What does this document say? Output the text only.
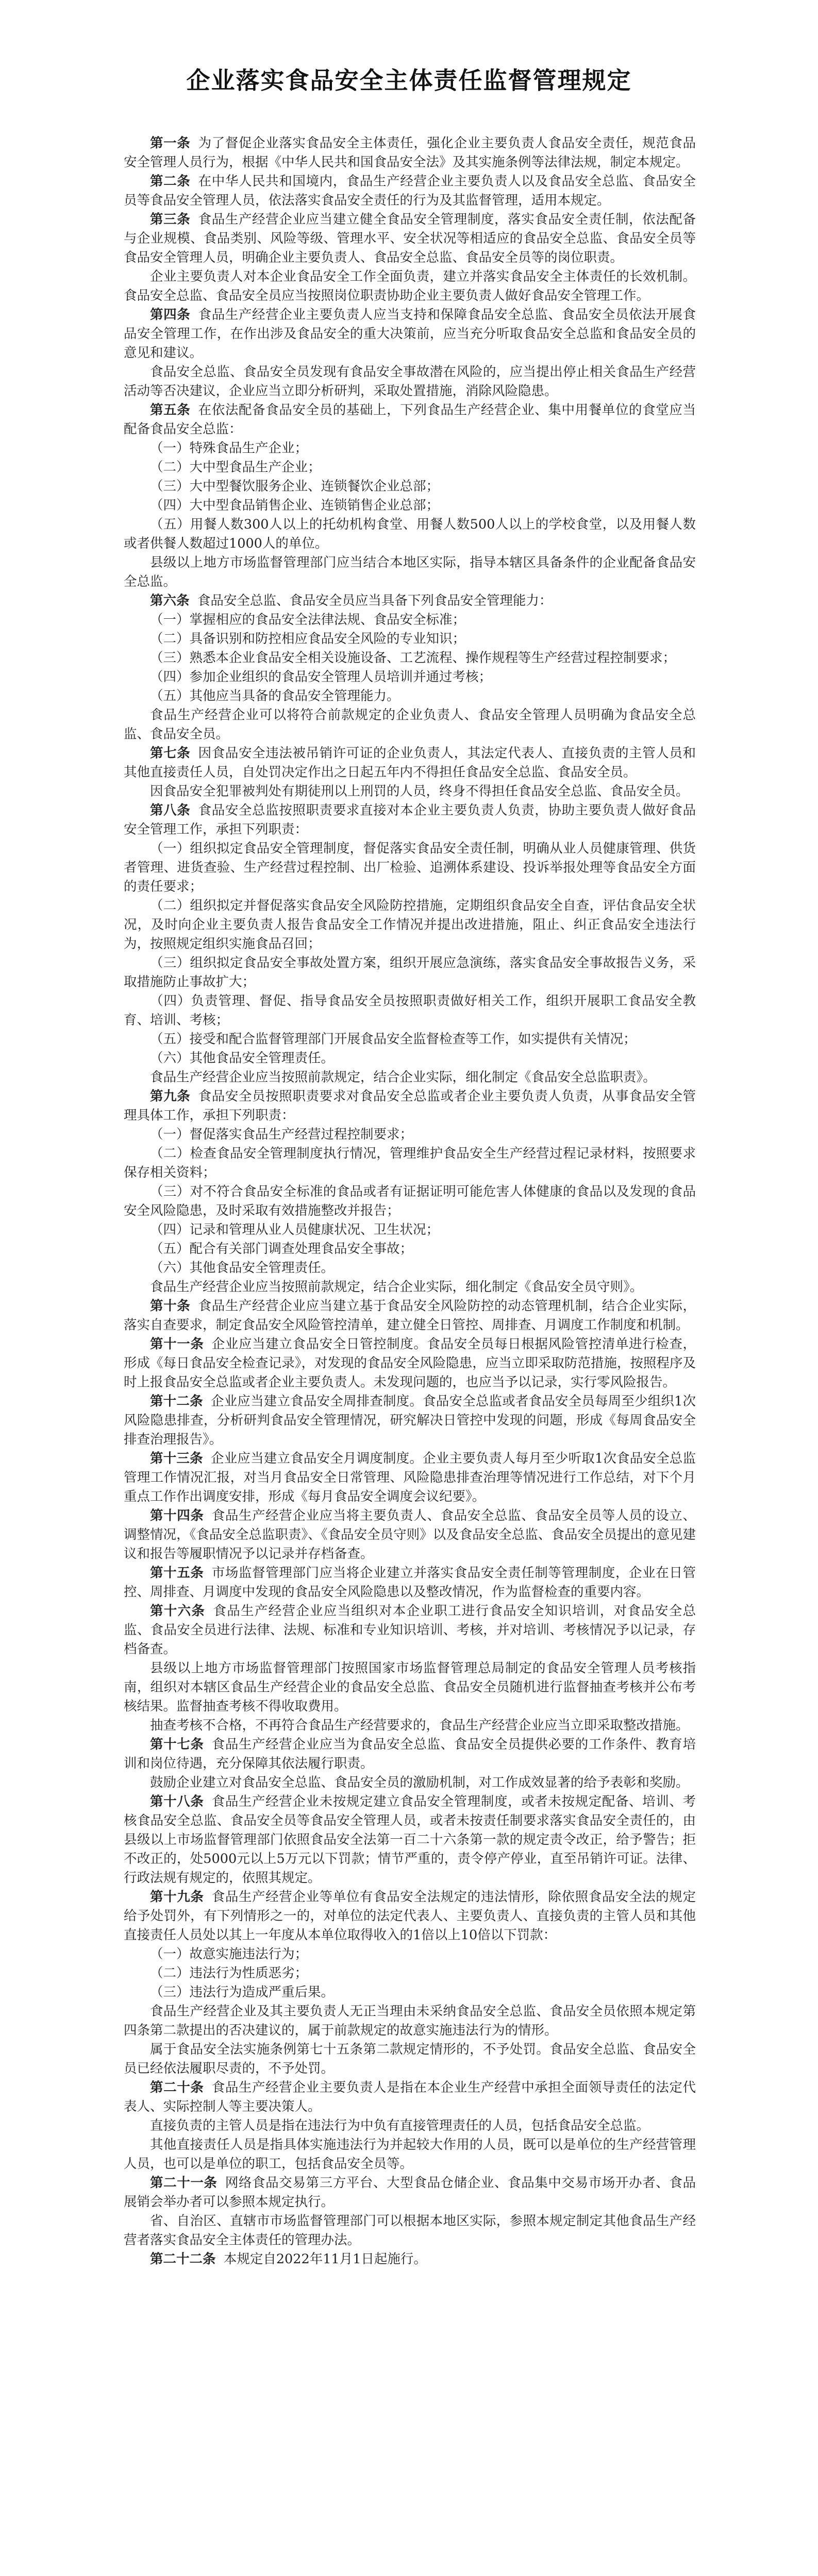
企业落实食品安全主体责任监督管理规定

第一条 为了督促企业落实食品安全主体责任，强化企业主要负责人食品安全责任，规范食品安全管理人员行为，根据《中华人民共和国食品安全法》及其实施条例等法律法规，制定本规定。

第二条 在中华人民共和国境内，食品生产经营企业主要负责人以及食品安全总监、食品安全员等食品安全管理人员，依法落实食品安全责任的行为及其监督管理，适用本规定。

第三条 食品生产经营企业应当建立健全食品安全管理制度，落实食品安全责任制，依法配备与企业规模、食品类别、风险等级、管理水平、安全状况等相适应的食品安全总监、食品安全员等食品安全管理人员，明确企业主要负责人、食品安全总监、食品安全员等的岗位职责。

企业主要负责人对本企业食品安全工作全面负责，建立并落实食品安全主体责任的长效机制。食品安全总监、食品安全员应当按照岗位职责协助企业主要负责人做好食品安全管理工作。

第四条 食品生产经营企业主要负责人应当支持和保障食品安全总监、食品安全员依法开展食品安全管理工作，在作出涉及食品安全的重大决策前，应当充分听取食品安全总监和食品安全员的意见和建议。

食品安全总监、食品安全员发现有食品安全事故潜在风险的，应当提出停止相关食品生产经营活动等否决建议，企业应当立即分析研判，采取处置措施，消除风险隐患。

第五条 在依法配备食品安全员的基础上，下列食品生产经营企业、集中用餐单位的食堂应当配备食品安全总监：

（一）特殊食品生产企业；

（二）大中型食品生产企业；

（三）大中型餐饮服务企业、连锁餐饮企业总部；

（四）大中型食品销售企业、连锁销售企业总部；

（五）用餐人数300人以上的托幼机构食堂、用餐人数500人以上的学校食堂，以及用餐人数或者供餐人数超过1000人的单位。

县级以上地方市场监督管理部门应当结合本地区实际，指导本辖区具备条件的企业配备食品安全总监。

第六条 食品安全总监、食品安全员应当具备下列食品安全管理能力：

（一）掌握相应的食品安全法律法规、食品安全标准；

（二）具备识别和防控相应食品安全风险的专业知识；

（三）熟悉本企业食品安全相关设施设备、工艺流程、操作规程等生产经营过程控制要求；

（四）参加企业组织的食品安全管理人员培训并通过考核；

（五）其他应当具备的食品安全管理能力。

食品生产经营企业可以将符合前款规定的企业负责人、食品安全管理人员明确为食品安全总监、食品安全员。

第七条 因食品安全违法被吊销许可证的企业负责人，其法定代表人、直接负责的主管人员和其他直接责任人员，自处罚决定作出之日起五年内不得担任食品安全总监、食品安全员。

因食品安全犯罪被判处有期徒刑以上刑罚的人员，终身不得担任食品安全总监、食品安全员。

第八条 食品安全总监按照职责要求直接对本企业主要负责人负责，协助主要负责人做好食品安全管理工作，承担下列职责：

（一）组织拟定食品安全管理制度，督促落实食品安全责任制，明确从业人员健康管理、供货者管理、进货查验、生产经营过程控制、出厂检验、追溯体系建设、投诉举报处理等食品安全方面的责任要求；

（二）组织拟定并督促落实食品安全风险防控措施，定期组织食品安全自查，评估食品安全状况，及时向企业主要负责人报告食品安全工作情况并提出改进措施，阻止、纠正食品安全违法行为，按照规定组织实施食品召回；

（三）组织拟定食品安全事故处置方案，组织开展应急演练，落实食品安全事故报告义务，采取措施防止事故扩大；

（四）负责管理、督促、指导食品安全员按照职责做好相关工作，组织开展职工食品安全教育、培训、考核；

（五）接受和配合监督管理部门开展食品安全监督检查等工作，如实提供有关情况；

（六）其他食品安全管理责任。

食品生产经营企业应当按照前款规定，结合企业实际，细化制定《食品安全总监职责》。

第九条 食品安全员按照职责要求对食品安全总监或者企业主要负责人负责，从事食品安全管理具体工作，承担下列职责：

（一）督促落实食品生产经营过程控制要求；

（二）检查食品安全管理制度执行情况，管理维护食品安全生产经营过程记录材料，按照要求保存相关资料；

（三）对不符合食品安全标准的食品或者有证据证明可能危害人体健康的食品以及发现的食品安全风险隐患，及时采取有效措施整改并报告；

（四）记录和管理从业人员健康状况、卫生状况；

（五）配合有关部门调查处理食品安全事故；

（六）其他食品安全管理责任。

食品生产经营企业应当按照前款规定，结合企业实际，细化制定《食品安全员守则》。

第十条 食品生产经营企业应当建立基于食品安全风险防控的动态管理机制，结合企业实际，落实自查要求，制定食品安全风险管控清单，建立健全日管控、周排查、月调度工作制度和机制。

第十一条 企业应当建立食品安全日管控制度。食品安全员每日根据风险管控清单进行检查，形成《每日食品安全检查记录》，对发现的食品安全风险隐患，应当立即采取防范措施，按照程序及时上报食品安全总监或者企业主要负责人。未发现问题的，也应当予以记录，实行零风险报告。

第十二条 企业应当建立食品安全周排查制度。食品安全总监或者食品安全员每周至少组织1次风险隐患排查，分析研判食品安全管理情况，研究解决日管控中发现的问题，形成《每周食品安全排查治理报告》。

第十三条 企业应当建立食品安全月调度制度。企业主要负责人每月至少听取1次食品安全总监管理工作情况汇报，对当月食品安全日常管理、风险隐患排查治理等情况进行工作总结，对下个月重点工作作出调度安排，形成《每月食品安全调度会议纪要》。

第十四条 食品生产经营企业应当将主要负责人、食品安全总监、食品安全员等人员的设立、调整情况，《食品安全总监职责》、《食品安全员守则》以及食品安全总监、食品安全员提出的意见建议和报告等履职情况予以记录并存档备查。

第十五条 市场监督管理部门应当将企业建立并落实食品安全责任制等管理制度，企业在日管控、周排查、月调度中发现的食品安全风险隐患以及整改情况，作为监督检查的重要内容。

第十六条 食品生产经营企业应当组织对本企业职工进行食品安全知识培训，对食品安全总监、食品安全员进行法律、法规、标准和专业知识培训、考核，并对培训、考核情况予以记录，存档备查。

县级以上地方市场监督管理部门按照国家市场监督管理总局制定的食品安全管理人员考核指南，组织对本辖区食品生产经营企业的食品安全总监、食品安全员随机进行监督抽查考核并公布考核结果。监督抽查考核不得收取费用。

抽查考核不合格，不再符合食品生产经营要求的，食品生产经营企业应当立即采取整改措施。

第十七条 食品生产经营企业应当为食品安全总监、食品安全员提供必要的工作条件、教育培训和岗位待遇，充分保障其依法履行职责。

鼓励企业建立对食品安全总监、食品安全员的激励机制，对工作成效显著的给予表彰和奖励。

第十八条 食品生产经营企业未按规定建立食品安全管理制度，或者未按规定配备、培训、考核食品安全总监、食品安全员等食品安全管理人员，或者未按责任制要求落实食品安全责任的，由县级以上市场监督管理部门依照食品安全法第一百二十六条第一款的规定责令改正，给予警告；拒不改正的，处5000元以上5万元以下罚款；情节严重的，责令停产停业，直至吊销许可证。法律、行政法规有规定的，依照其规定。

第十九条 食品生产经营企业等单位有食品安全法规定的违法情形，除依照食品安全法的规定给予处罚外，有下列情形之一的，对单位的法定代表人、主要负责人、直接负责的主管人员和其他直接责任人员处以其上一年度从本单位取得收入的1倍以上10倍以下罚款：

（一）故意实施违法行为；

（二）违法行为性质恶劣；

（三）违法行为造成严重后果。

食品生产经营企业及其主要负责人无正当理由未采纳食品安全总监、食品安全员依照本规定第四条第二款提出的否决建议的，属于前款规定的故意实施违法行为的情形。

属于食品安全法实施条例第七十五条第二款规定情形的，不予处罚。食品安全总监、食品安全员已经依法履职尽责的，不予处罚。

第二十条 食品生产经营企业主要负责人是指在本企业生产经营中承担全面领导责任的法定代表人、实际控制人等主要决策人。

直接负责的主管人员是指在违法行为中负有直接管理责任的人员，包括食品安全总监。

其他直接责任人员是指具体实施违法行为并起较大作用的人员，既可以是单位的生产经营管理人员，也可以是单位的职工，包括食品安全员等。

第二十一条 网络食品交易第三方平台、大型食品仓储企业、食品集中交易市场开办者、食品展销会举办者可以参照本规定执行。

省、自治区、直辖市市场监督管理部门可以根据本地区实际，参照本规定制定其他食品生产经营者落实食品安全主体责任的管理办法。

第二十二条 本规定自2022年11月1日起施行。
